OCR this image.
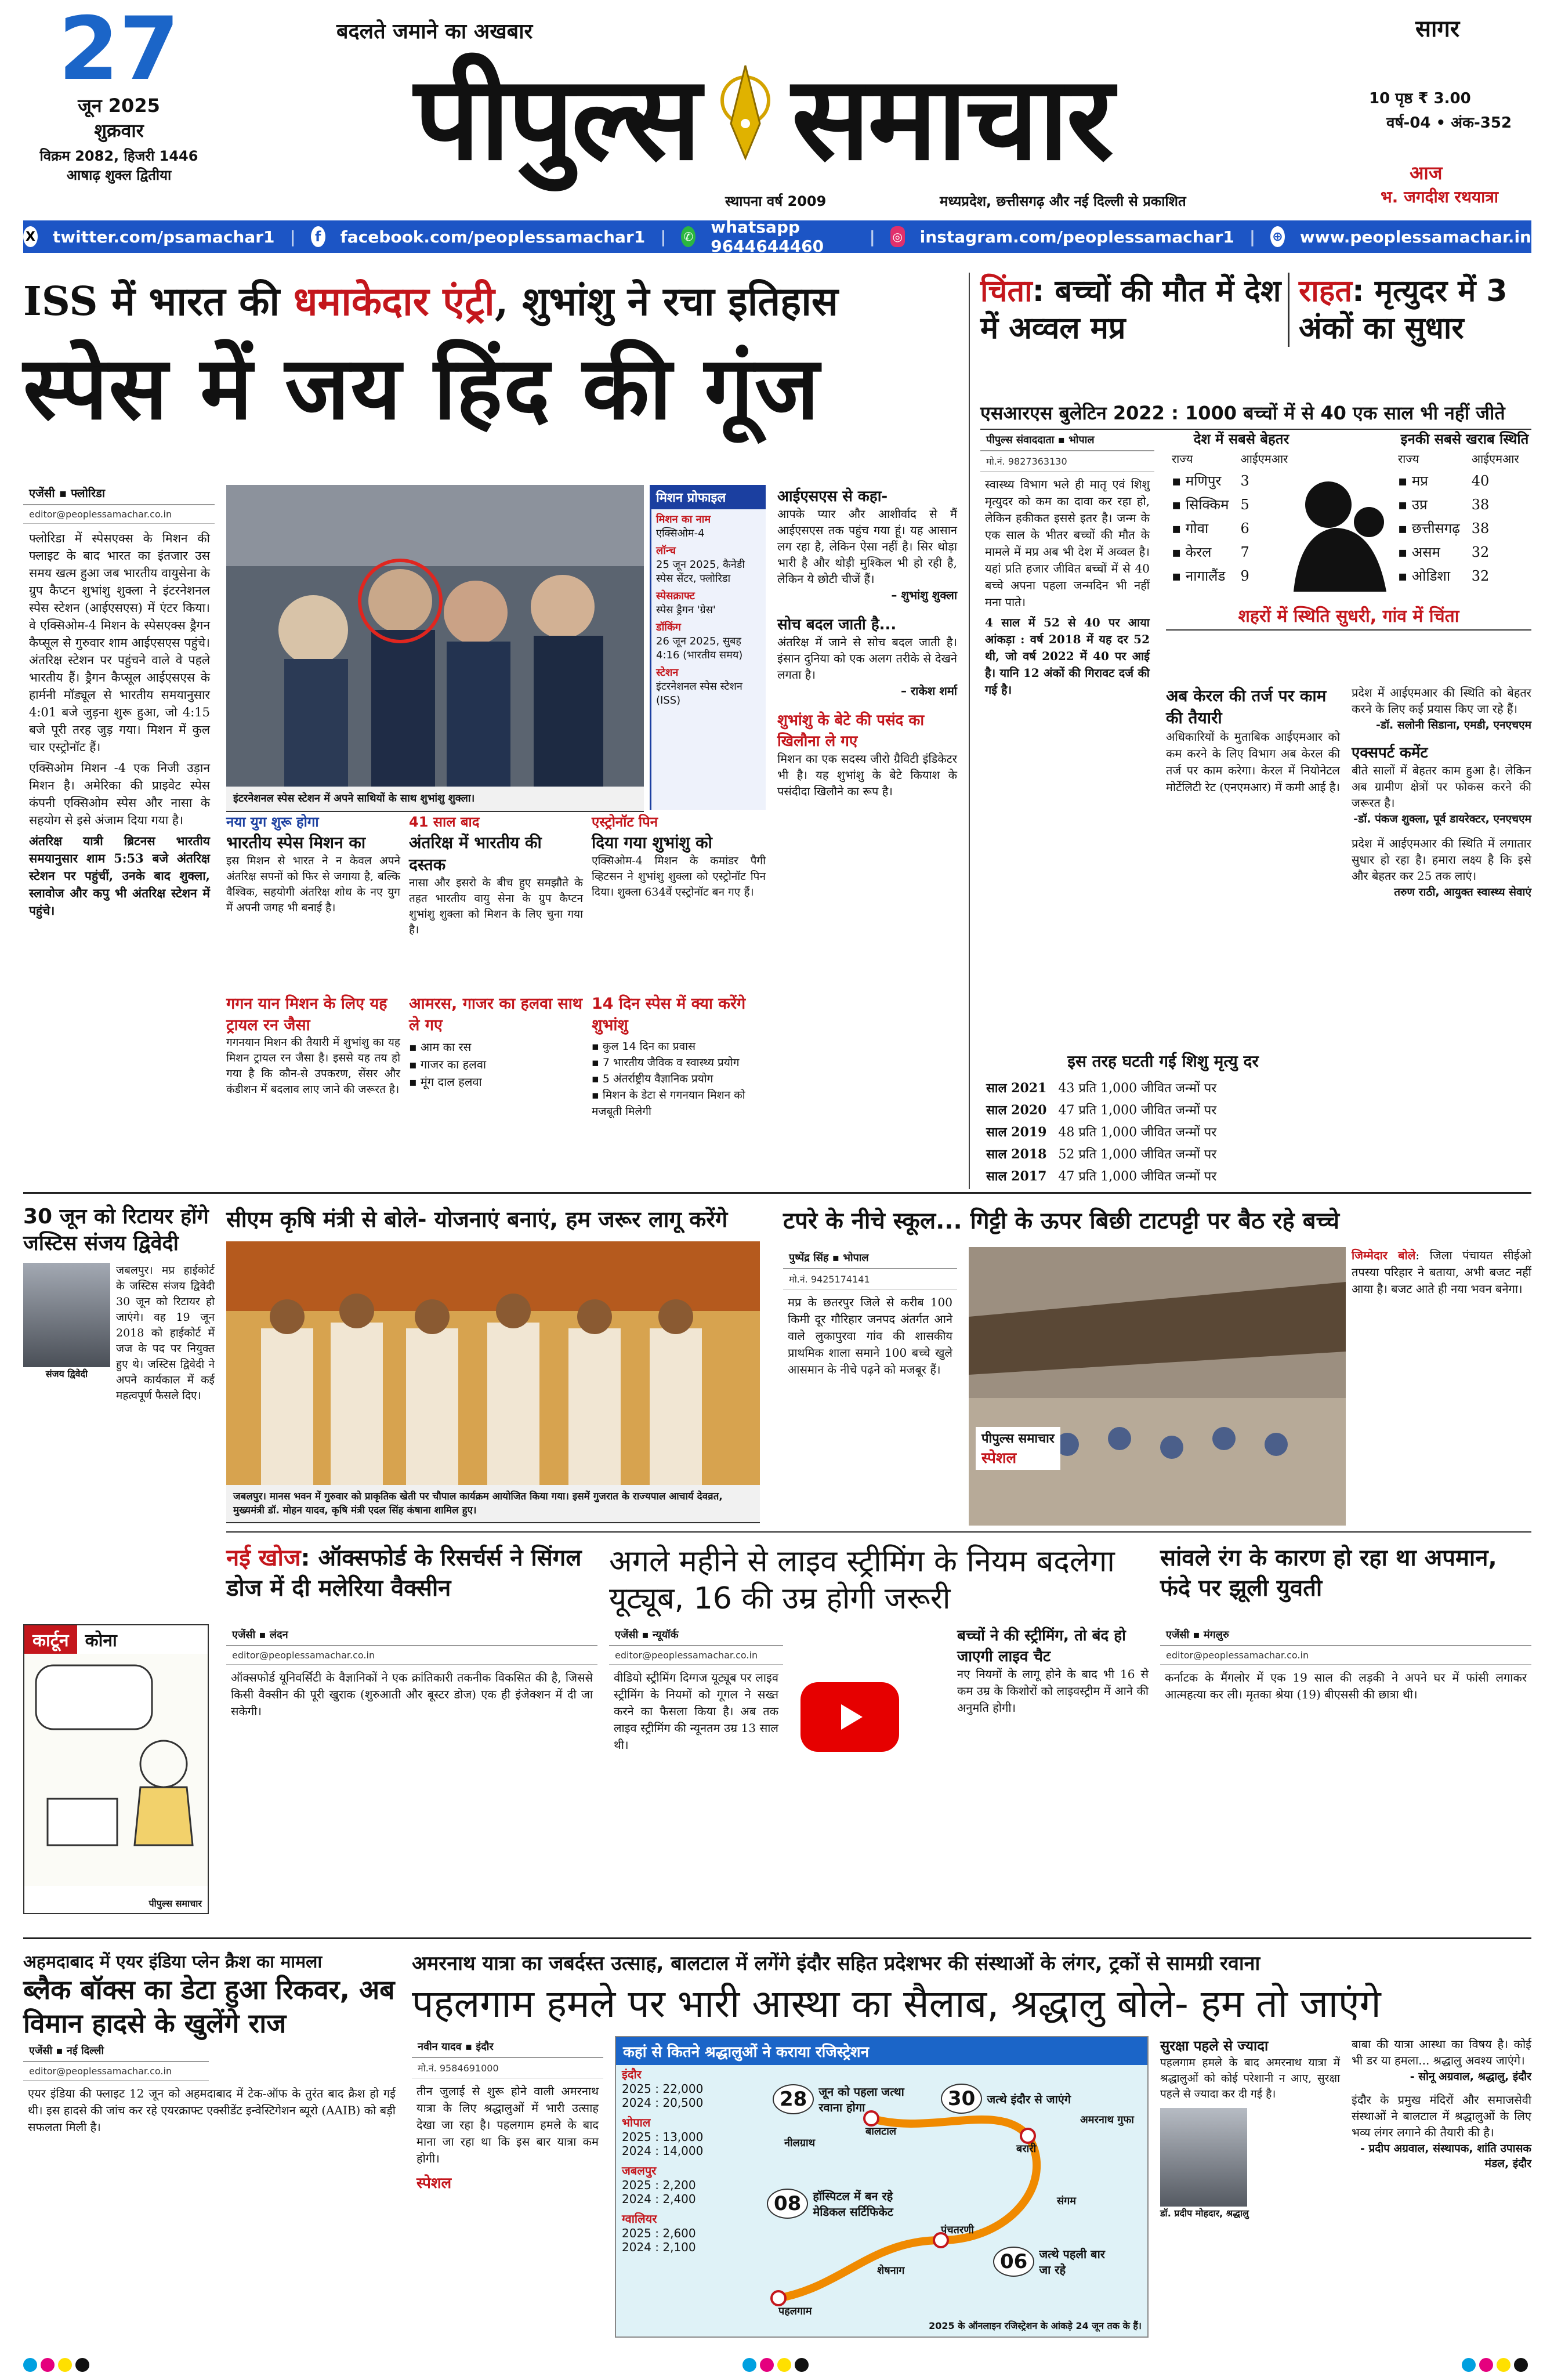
27
जून 2025
शुक्रवार
विक्रम 2082, हिजरी 1446
आषाढ़ शुक्ल द्वितीया
बदलते जमाने का अखबार
पीपुल्स समाचार
स्थापना वर्ष 2009	मध्यप्रदेश, छत्तीसगढ़ और नई दिल्ली से प्रकाशित
सागर
10 पृष्ठ ₹ 3.00
वर्ष-04 • अंक-352
आज
भ. जगदीश रथयात्रा
X twitter.com/psamachar1 | f facebook.com/peoplessamachar1 | ✆ whatsapp 9644644460	| ◎ instagram.com/peoplessamachar1 | ⊕ www.peoplessamachar.in
ISS में भारत की धमाकेदार एंट्री, शुभांशु ने रचा इतिहास
स्पेस में जय हिंद की गूंज
एजेंसी ▪ फ्लोरिडा
editor@peoplessamachar.co.in

फ्लोरिडा में स्पेसएक्स के मिशन की फ्लाइट के बाद भारत का इंतजार उस समय खत्म हुआ जब भारतीय वायुसेना के ग्रुप कैप्टन शुभांशु शुक्ला ने इंटरनेशनल स्पेस स्टेशन (आईएसएस) में एंटर किया। वे एक्सिओम-4 मिशन के स्पेसएक्स ड्रैगन कैप्सूल से गुरुवार शाम आईएसएस पहुंचे। अंतरिक्ष स्टेशन पर पहुंचने वाले वे पहले भारतीय हैं। ड्रैगन कैप्सूल आईएसएस के हार्मनी मॉड्यूल से भारतीय समयानुसार 4:01 बजे जुड़ना शुरू हुआ, जो 4:15 बजे पूरी तरह जुड़ गया। मिशन में कुल चार एस्ट्रोनॉट हैं।

एक्सिओम मिशन -4 एक निजी उड़ान मिशन है। अमेरिका की प्राइवेट स्पेस कंपनी एक्सिओम स्पेस और नासा के सहयोग से इसे अंजाम दिया गया है।

अंतरिक्ष यात्री ब्रिटनस भारतीय समयानुसार शाम 5:53 बजे अंतरिक्ष स्टेशन पर पहुंचीं, उनके बाद शुक्ला, स्लावोज और कपु भी अंतरिक्ष स्टेशन में पहुंचे।

इंटरनेशनल स्पेस स्टेशन में अपने साथियों के साथ शुभांशु शुक्ला।
मिशन प्रोफाइल
मिशन का नाम
एक्सिओम-4
लॉन्च
25 जून 2025, कैनेडी स्पेस सेंटर, फ्लोरिडा
स्पेसक्राफ्ट
स्पेस ड्रैगन 'ग्रेस'
डॉकिंग
26 जून 2025, सुबह 4:16 (भारतीय समय)
स्टेशन
इंटरनेशनल स्पेस स्टेशन (ISS)
नया युग शुरू होगा
भारतीय स्पेस मिशन का
इस मिशन से भारत ने न केवल अपने अंतरिक्ष सपनों को फिर से जगाया है, बल्कि वैश्विक, सहयोगी अंतरिक्ष शोध के नए युग में अपनी जगह भी बनाई है।
41 साल बाद
अंतरिक्ष में भारतीय की दस्तक
नासा और इसरो के बीच हुए समझौते के तहत भारतीय वायु सेना के ग्रुप कैप्टन शुभांशु शुक्ला को मिशन के लिए चुना गया है।
एस्ट्रोनॉट पिन
दिया गया शुभांशु को
एक्सिओम-4 मिशन के कमांडर पैगी व्हिटसन ने शुभांशु शुक्ला को एस्ट्रोनॉट पिन दिया। शुक्ला 634वें एस्ट्रोनॉट बन गए हैं।
गगन यान मिशन के लिए यह ट्रायल रन जैसा
गगनयान मिशन की तैयारी में शुभांशु का यह मिशन ट्रायल रन जैसा है। इससे यह तय हो गया है कि कौन-से उपकरण, सेंसर और कंडीशन में बदलाव लाए जाने की जरूरत है।
आमरस, गाजर का हलवा साथ ले गए
▪ आम का रस
▪ गाजर का हलवा
▪ मूंग दाल हलवा
14 दिन स्पेस में क्या करेंगे शुभांशु
▪ कुल 14 दिन का प्रवास
▪ 7 भारतीय जैविक व स्वास्थ्य प्रयोग
▪ 5 अंतर्राष्ट्रीय वैज्ञानिक प्रयोग
▪ मिशन के डेटा से गगनयान मिशन को मजबूती मिलेगी
आईएसएस से कहा-
आपके प्यार और आशीर्वाद से मैं आईएसएस तक पहुंच गया हूं। यह आसान लग रहा है, लेकिन ऐसा नहीं है। सिर थोड़ा भारी है और थोड़ी मुश्किल भी हो रही है, लेकिन ये छोटी चीजें हैं।
– शुभांशु शुक्ला
सोच बदल जाती है...
अंतरिक्ष में जाने से सोच बदल जाती है। इंसान दुनिया को एक अलग तरीके से देखने लगता है।
– राकेश शर्मा
शुभांशु के बेटे की पसंद का खिलौना ले गए
मिशन का एक सदस्य जीरो ग्रैविटी इंडिकेटर भी है। यह शुभांशु के बेटे कियाश के पसंदीदा खिलौने का रूप है।
चिंता: बच्चों की मौत में देश में अव्वल मप्र
राहत: मृत्युदर में 3 अंकों का सुधार
एसआरएस बुलेटिन 2022 : 1000 बच्चों में से 40 एक साल भी नहीं जीते
पीपुल्स संवाददाता ▪ भोपाल
मो.नं. 9827363130

स्वास्थ्य विभाग भले ही मातृ एवं शिशु मृत्युदर को कम का दावा कर रहा हो, लेकिन हकीकत इससे इतर है। जन्म के एक साल के भीतर बच्चों की मौत के मामले में मप्र अब भी देश में अव्वल है। यहां प्रति हजार जीवित बच्चों में से 40 बच्चे अपना पहला जन्मदिन भी नहीं मना पाते।

4 साल में 52 से 40 पर आया आंकड़ा : वर्ष 2018 में यह दर 52 थी, जो वर्ष 2022 में 40 पर आई है। यानि 12 अंकों की गिरावट दर्ज की गई है।

देश में सबसे बेहतर
राज्य	आईएमआर
▪ मणिपुर	3
▪ सिक्किम	5
▪ गोवा	6
▪ केरल	7
▪ नागालैंड	9
इनकी सबसे खराब स्थिति
राज्य	आईएमआर
▪ मप्र	40
▪ उप्र	38
▪ छत्तीसगढ़	38
▪ असम	32
▪ ओडिशा	32
शहरों में स्थिति सुधरी, गांव में चिंता
अब केरल की तर्ज पर काम की तैयारी
अधिकारियों के मुताबिक आईएमआर को कम करने के लिए विभाग अब केरल की तर्ज पर काम करेगा। केरल में नियोनेटल मोर्टेलिटी रेट (एनएमआर) में कमी आई है।
प्रदेश में आईएमआर की स्थिति को बेहतर करने के लिए कई प्रयास किए जा रहे हैं।
-डॉ. सलोनी सिडाना, एमडी, एनएचएम
एक्सपर्ट कमेंट
बीते सालों में बेहतर काम हुआ है। लेकिन अब ग्रामीण क्षेत्रों पर फोकस करने की जरूरत है।
-डॉ. पंकज शुक्ला, पूर्व डायरेक्टर, एनएचएम
प्रदेश में आईएमआर की स्थिति में लगातार सुधार हो रहा है। हमारा लक्ष्य है कि इसे और बेहतर कर 25 तक लाएं।
तरुण राठी, आयुक्त स्वास्थ्य सेवाएं
इस तरह घटती गई शिशु मृत्यु दर
साल 2021	43 प्रति 1,000 जीवित जन्मों पर
साल 2020	47 प्रति 1,000 जीवित जन्मों पर
साल 2019	48 प्रति 1,000 जीवित जन्मों पर
साल 2018	52 प्रति 1,000 जीवित जन्मों पर
साल 2017	47 प्रति 1,000 जीवित जन्मों पर
30 जून को रिटायर होंगे जस्टिस संजय द्विवेदी
संजय द्विवेदी
जबलपुर। मप्र हाईकोर्ट के जस्टिस संजय द्विवेदी 30 जून को रिटायर हो जाएंगे। वह 19 जून 2018 को हाईकोर्ट में जज के पद पर नियुक्त हुए थे। जस्टिस द्विवेदी ने अपने कार्यकाल में कई महत्वपूर्ण फैसले दिए।
कार्टून कोना
पीपुल्स समाचार
सीएम कृषि मंत्री से बोले- योजनाएं बनाएं, हम जरूर लागू करेंगे
जबलपुर। मानस भवन में गुरुवार को प्राकृतिक खेती पर चौपाल कार्यक्रम आयोजित किया गया। इसमें गुजरात के राज्यपाल आचार्य देवव्रत, मुख्यमंत्री डॉ. मोहन यादव, कृषि मंत्री एदल सिंह कंषाना शामिल हुए।
टपरे के नीचे स्कूल... गिट्टी के ऊपर बिछी टाटपट्टी पर बैठ रहे बच्चे
पुष्पेंद्र सिंह ▪ भोपाल
मो.नं. 9425174141
मप्र के छतरपुर जिले से करीब 100 किमी दूर गौरिहार जनपद अंतर्गत आने वाले लुकापुरवा गांव की शासकीय प्राथमिक शाला समाने 100 बच्चे खुले आसमान के नीचे पढ़ने को मजबूर हैं।
पीपुल्स समाचार
स्पेशल
जिम्मेदार बोले: जिला पंचायत सीईओ तपस्या परिहार ने बताया, अभी बजट नहीं आया है। बजट आते ही नया भवन बनेगा।
नई खोज: ऑक्सफोर्ड के रिसर्चर्स ने सिंगल डोज में दी मलेरिया वैक्सीन
एजेंसी ▪ लंदन
editor@peoplessamachar.co.in
ऑक्सफोर्ड यूनिवर्सिटी के वैज्ञानिकों ने एक क्रांतिकारी तकनीक विकसित की है, जिससे किसी वैक्सीन की पूरी खुराक (शुरुआती और बूस्टर डोज) एक ही इंजेक्शन में दी जा सकेगी।
अगले महीने से लाइव स्ट्रीमिंग के नियम बदलेगा यूट्यूब, 16 की उम्र होगी जरूरी
एजेंसी ▪ न्यूयॉर्क
editor@peoplessamachar.co.in
वीडियो स्ट्रीमिंग दिग्गज यूट्यूब पर लाइव स्ट्रीमिंग के नियमों को गूगल ने सख्त करने का फैसला किया है। अब तक लाइव स्ट्रीमिंग की न्यूनतम उम्र 13 साल थी।
बच्चों ने की स्ट्रीमिंग, तो बंद हो जाएगी लाइव चैट
नए नियमों के लागू होने के बाद भी 16 से कम उम्र के किशोरों को लाइवस्ट्रीम में आने की अनुमति होगी।
सांवले रंग के कारण हो रहा था अपमान, फंदे पर झूली युवती
एजेंसी ▪ मंगलुरु
editor@peoplessamachar.co.in
कर्नाटक के मैंगलोर में एक 19 साल की लड़की ने अपने घर में फांसी लगाकर आत्महत्या कर ली। मृतका श्रेया (19) बीएससी की छात्रा थी।
अहमदाबाद में एयर इंडिया प्लेन क्रैश का मामला
ब्लैक बॉक्स का डेटा हुआ रिकवर, अब विमान हादसे के खुलेंगे राज
एजेंसी ▪ नई दिल्ली
editor@peoplessamachar.co.in
एयर इंडिया की फ्लाइट 12 जून को अहमदाबाद में टेक-ऑफ के तुरंत बाद क्रैश हो गई थी। इस हादसे की जांच कर रहे एयरक्राफ्ट एक्सीडेंट इन्वेस्टिगेशन ब्यूरो (AAIB) को बड़ी सफलता मिली है।
अमरनाथ यात्रा का जबर्दस्त उत्साह, बालटाल में लगेंगे इंदौर सहित प्रदेशभर की संस्थाओं के लंगर, ट्रकों से सामग्री रवाना
पहलगाम हमले पर भारी आस्था का सैलाब, श्रद्धालु बोले- हम तो जाएंगे
नवीन यादव ▪ इंदौर
मो.नं. 9584691000
तीन जुलाई से शुरू होने वाली अमरनाथ यात्रा के लिए श्रद्धालुओं में भारी उत्साह देखा जा रहा है। पहलगाम हमले के बाद माना जा रहा था कि इस बार यात्रा कम होगी।
स्पेशल
कहां से कितने श्रद्धालुओं ने कराया रजिस्ट्रेशन
इंदौर
2025 : 22,000
2024 : 20,500
भोपाल
2025 : 13,000
2024 : 14,000
जबलपुर
2025 : 2,200
2024 : 2,400
ग्वालियर
2025 : 2,600
2024 : 2,100
28	जून को पहला जत्था रवाना होगा	30	जत्थे इंदौर से जाएंगे
08	हॉस्पिटल में बन रहे मेडिकल सर्टिफिकेट
06	जत्थे पहली बार जा रहे
नीलग्राथ
बालटाल
बरारी
अमरनाथ गुफा
संगम
पंचतरणी
शेषनाग
पहलगाम
2025 के ऑनलाइन रजिस्ट्रेशन के आंकड़े 24 जून तक के हैं।
सुरक्षा पहले से ज्यादा
पहलगाम हमले के बाद अमरनाथ यात्रा में श्रद्धालुओं को कोई परेशानी न आए, सुरक्षा पहले से ज्यादा कर दी गई है।
डॉ. प्रदीप मोहदार, श्रद्धालु
बाबा की यात्रा आस्था का विषय है। कोई भी डर या हमला... श्रद्धालु अवश्य जाएंगे।
- सोनू अग्रवाल, श्रद्धालु, इंदौर
इंदौर के प्रमुख मंदिरों और समाजसेवी संस्थाओं ने बालटाल में श्रद्धालुओं के लिए भव्य लंगर लगाने की तैयारी की है।
- प्रदीप अग्रवाल, संस्थापक, शांति उपासक मंडल, इंदौर
